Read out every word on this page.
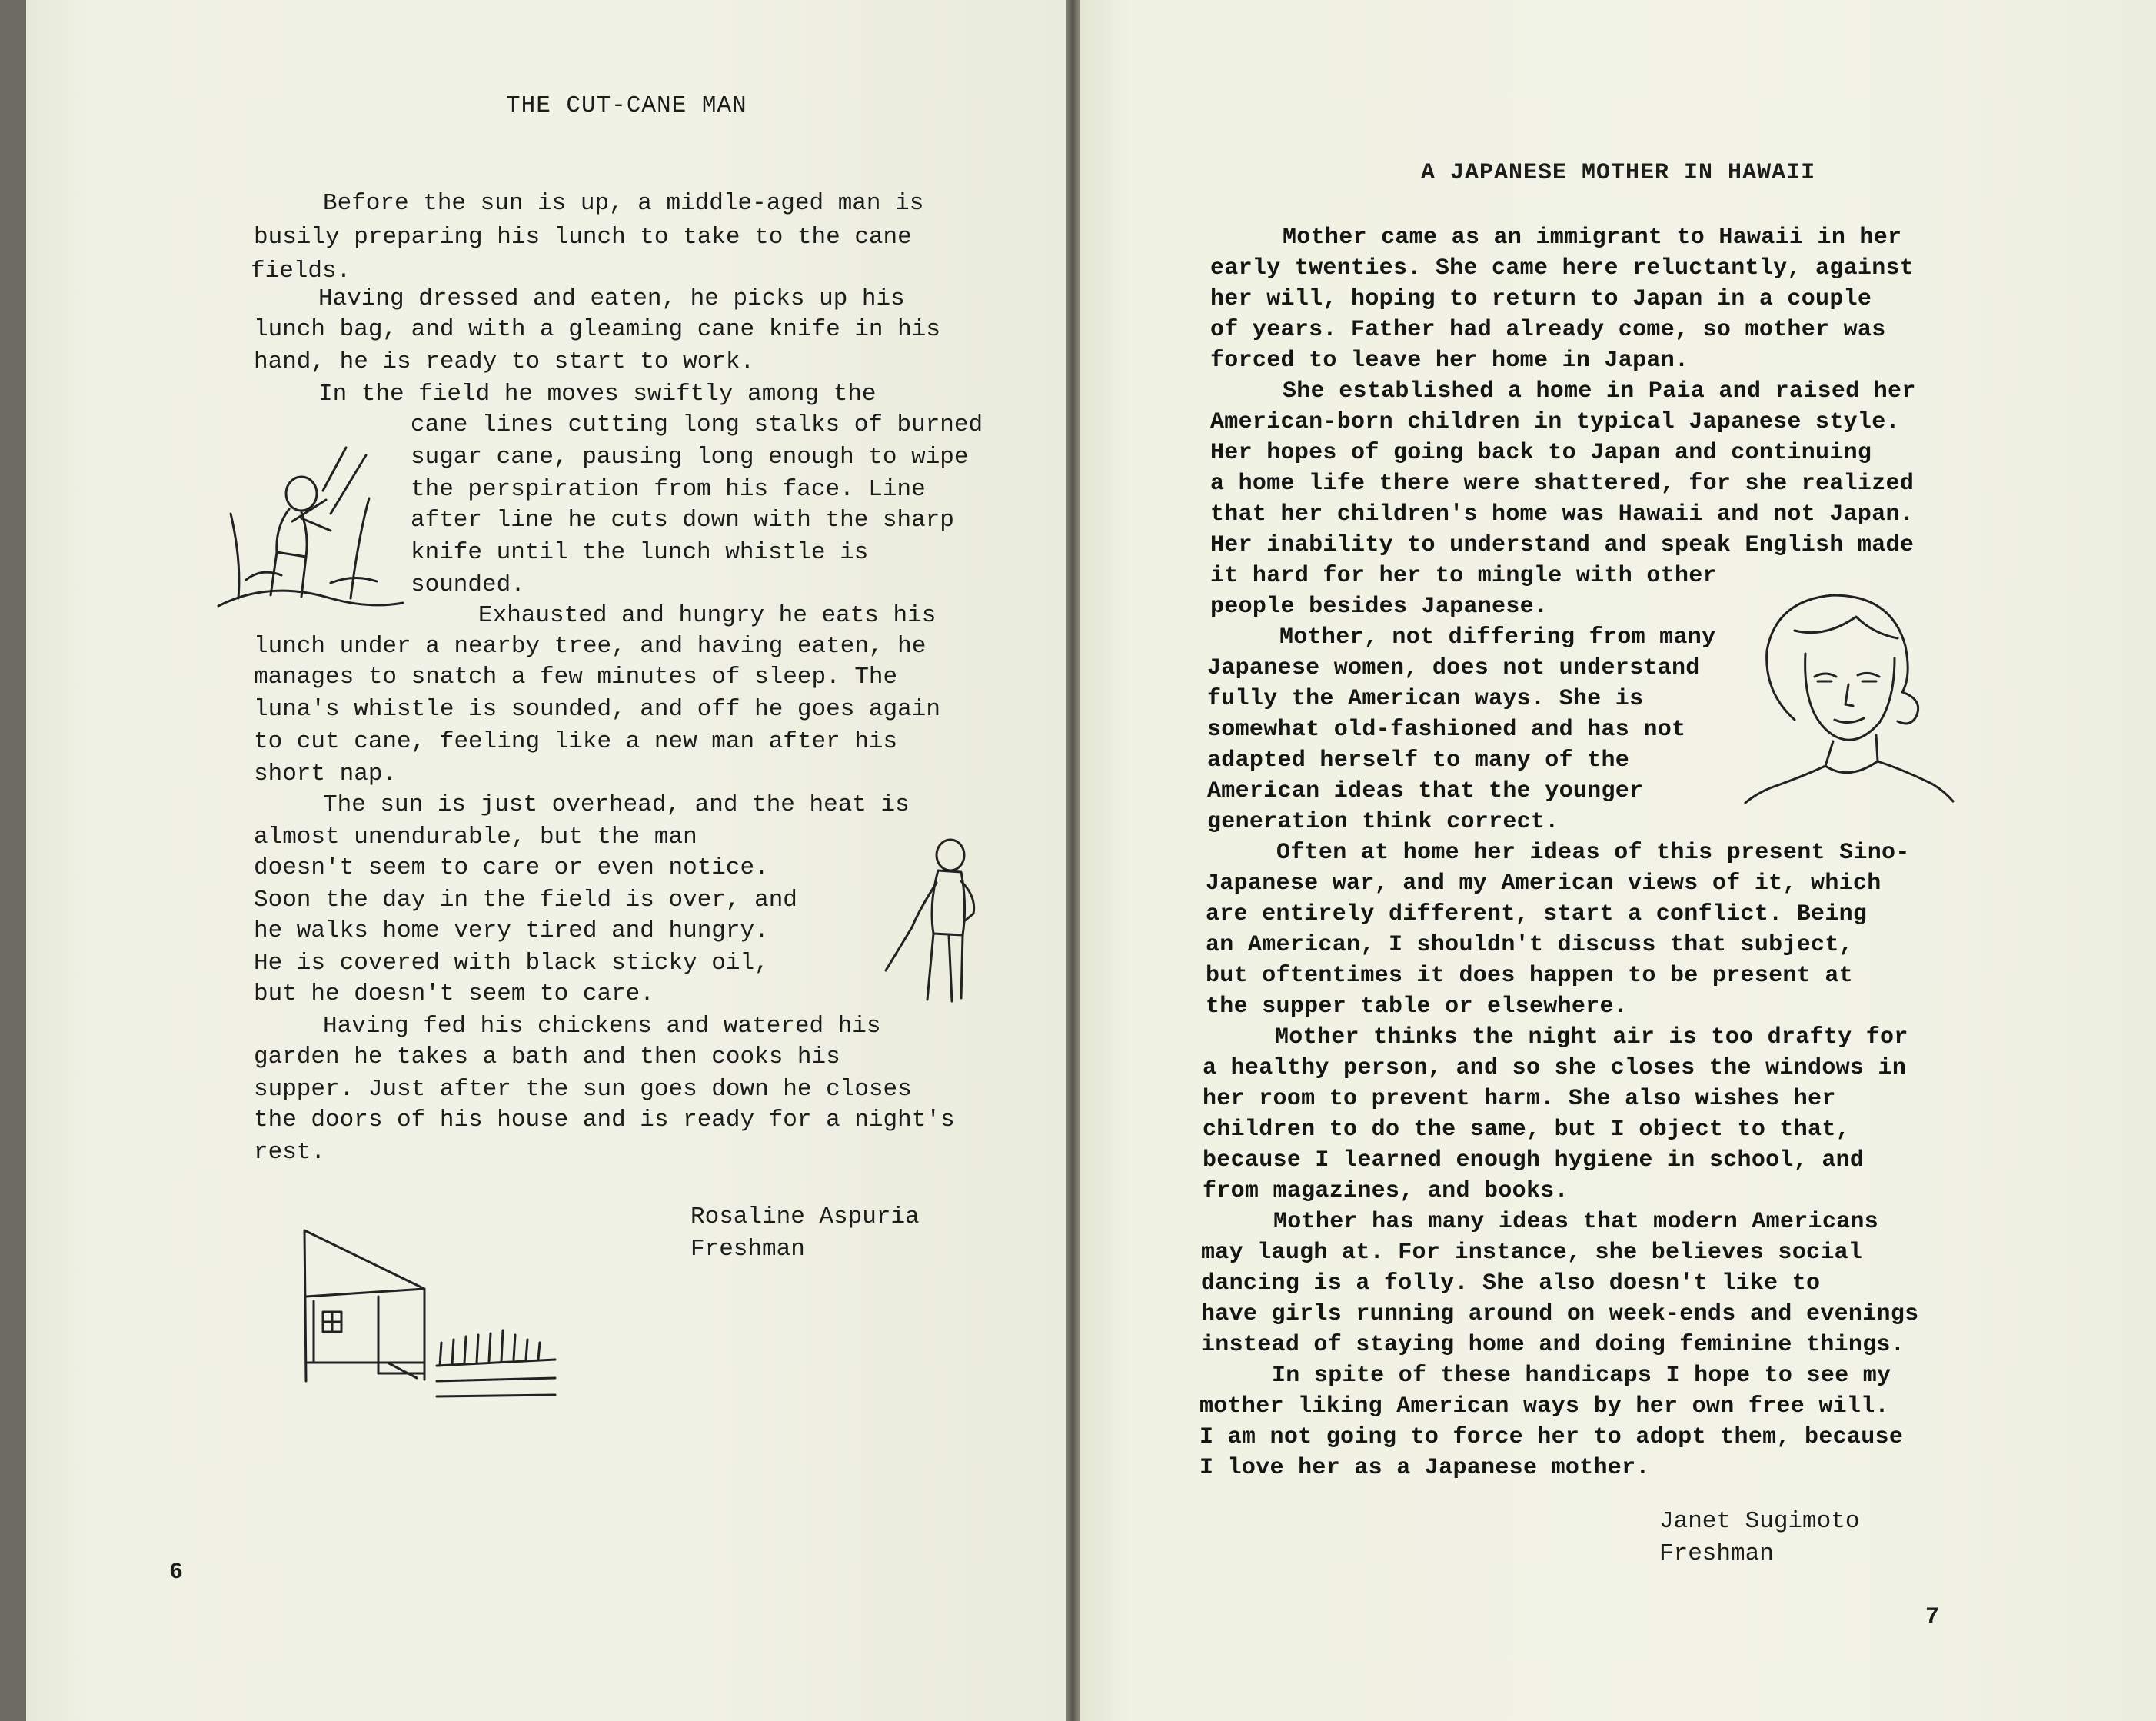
THE CUT-CANE MAN
Before the sun is up, a middle-aged man is
busily preparing his lunch to take to the cane
fields.
Having dressed and eaten, he picks up his
lunch bag, and with a gleaming cane knife in his
hand, he is ready to start to work.
In the field he moves swiftly among the
cane lines cutting long stalks of burned
sugar cane, pausing long enough to wipe
the perspiration from his face. Line
after line he cuts down with the sharp
knife until the lunch whistle is
sounded.
Exhausted and hungry he eats his
lunch under a nearby tree, and having eaten, he
manages to snatch a few minutes of sleep. The
luna's whistle is sounded, and off he goes again
to cut cane, feeling like a new man after his
short nap.
The sun is just overhead, and the heat is
almost unendurable, but the man
doesn't seem to care or even notice.
Soon the day in the field is over, and
he walks home very tired and hungry.
He is covered with black sticky oil,
but he doesn't seem to care.
Having fed his chickens and watered his
garden he takes a bath and then cooks his
supper. Just after the sun goes down he closes
the doors of his house and is ready for a night's
rest.
Rosaline Aspuria
Freshman
6
A JAPANESE MOTHER IN HAWAII
Mother came as an immigrant to Hawaii in her
early twenties. She came here reluctantly, against
her will, hoping to return to Japan in a couple
of years. Father had already come, so mother was
forced to leave her home in Japan.
She established a home in Paia and raised her
American-born children in typical Japanese style.
Her hopes of going back to Japan and continuing
a home life there were shattered, for she realized
that her children's home was Hawaii and not Japan.
Her inability to understand and speak English made
it hard for her to mingle with other
people besides Japanese.
Mother, not differing from many
Japanese women, does not understand
fully the American ways. She is
somewhat old-fashioned and has not
adapted herself to many of the
American ideas that the younger
generation think correct.
Often at home her ideas of this present Sino-
Japanese war, and my American views of it, which
are entirely different, start a conflict. Being
an American, I shouldn't discuss that subject,
but oftentimes it does happen to be present at
the supper table or elsewhere.
Mother thinks the night air is too drafty for
a healthy person, and so she closes the windows in
her room to prevent harm. She also wishes her
children to do the same, but I object to that,
because I learned enough hygiene in school, and
from magazines, and books.
Mother has many ideas that modern Americans
may laugh at. For instance, she believes social
dancing is a folly. She also doesn't like to
have girls running around on week-ends and evenings
instead of staying home and doing feminine things.
In spite of these handicaps I hope to see my
mother liking American ways by her own free will.
I am not going to force her to adopt them, because
I love her as a Japanese mother.
Janet Sugimoto
Freshman
7
